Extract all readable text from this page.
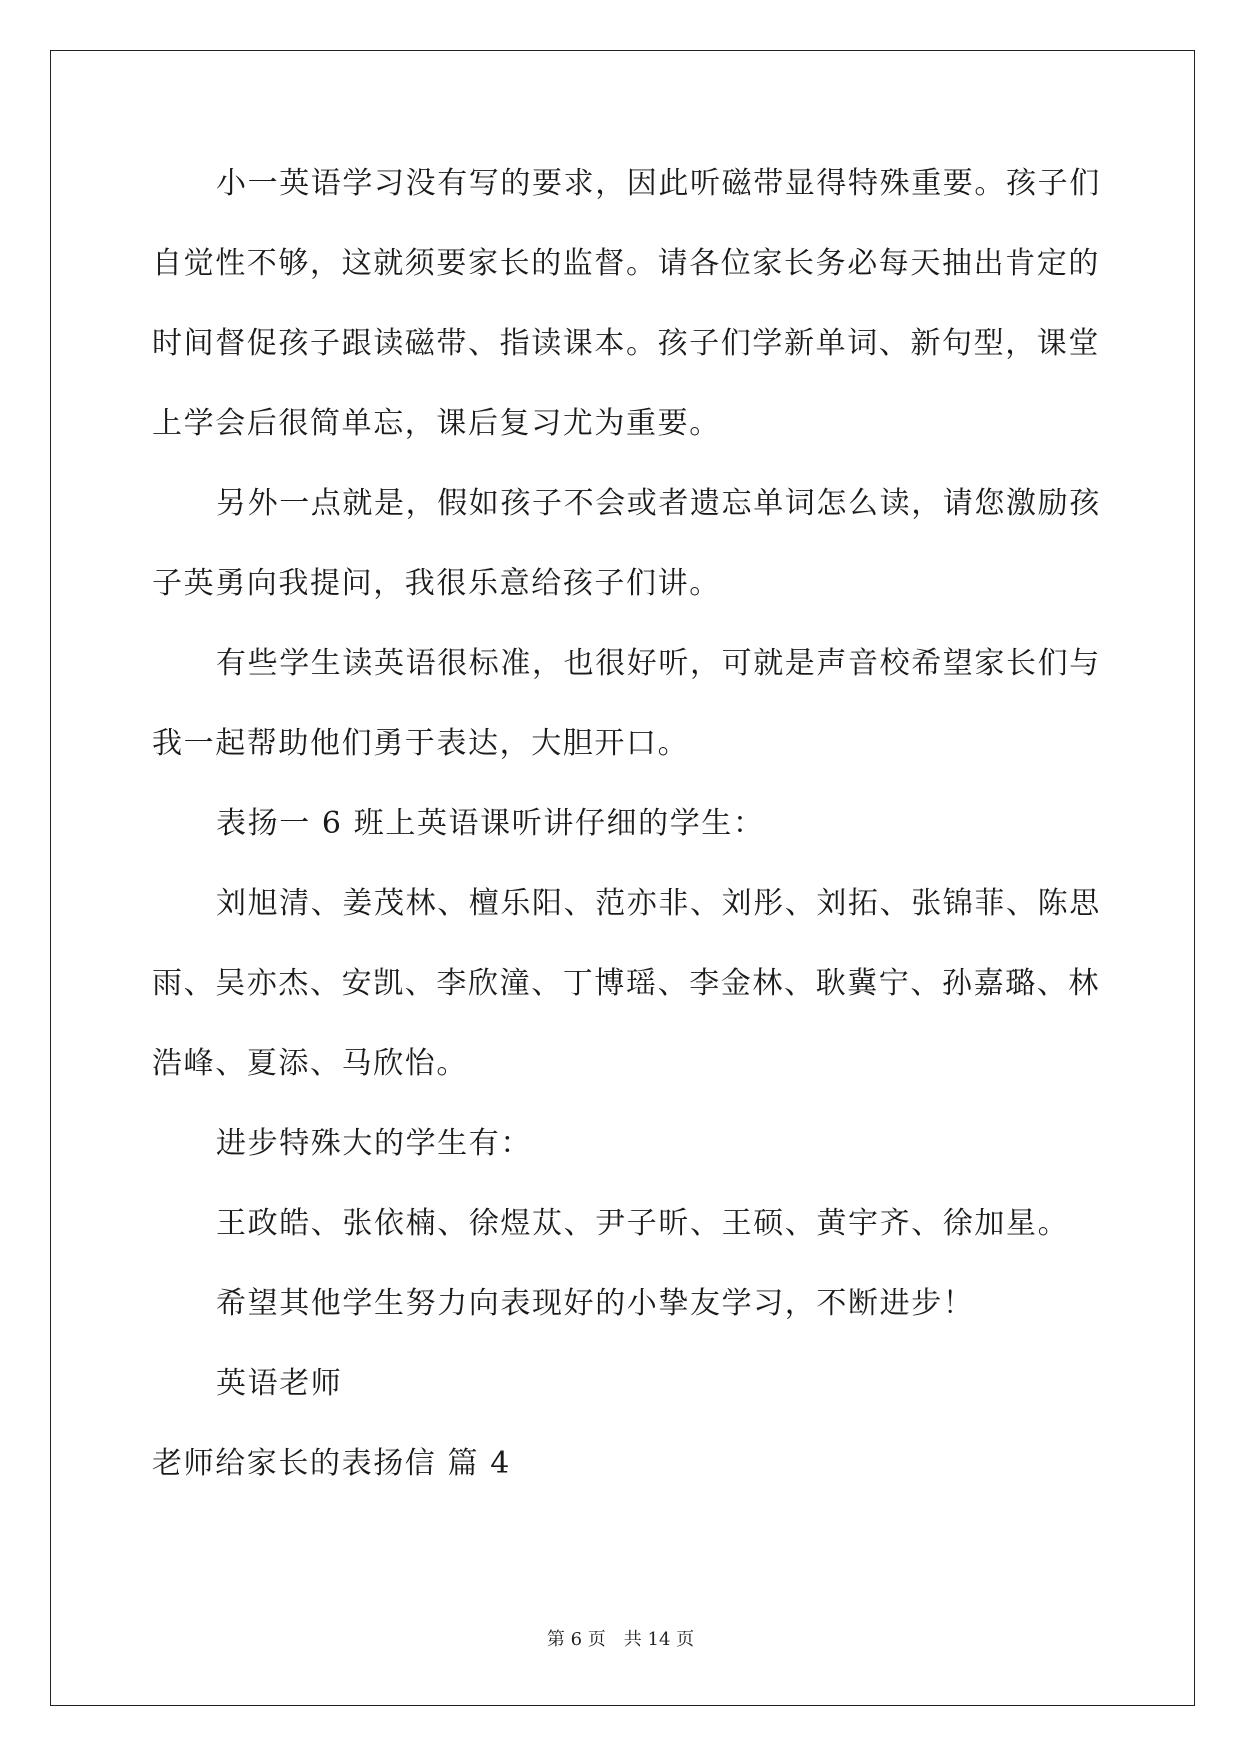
小一英语学习没有写的要求，因此听磁带显得特殊重要。孩子们
自觉性不够，这就须要家长的监督。请各位家长务必每天抽出肯定的
时间督促孩子跟读磁带、指读课本。孩子们学新单词、新句型，课堂
上学会后很简单忘，课后复习尤为重要。
另外一点就是，假如孩子不会或者遗忘单词怎么读，请您激励孩
子英勇向我提问，我很乐意给孩子们讲。
有些学生读英语很标准，也很好听，可就是声音校希望家长们与
我一起帮助他们勇于表达，大胆开口。
表扬一 6 班上英语课听讲仔细的学生：
刘旭清、姜茂林、檀乐阳、范亦非、刘彤、刘拓、张锦菲、陈思
雨、吴亦杰、安凯、李欣潼、丁博瑶、李金林、耿冀宁、孙嘉璐、林
浩峰、夏添、马欣怡。
进步特殊大的学生有：
王政皓、张依楠、徐煜苁、尹子昕、王硕、黄宇齐、徐加星。
希望其他学生努力向表现好的小挚友学习，不断进步！
英语老师
老师给家长的表扬信 篇 4
第 6 页 共 14 页
